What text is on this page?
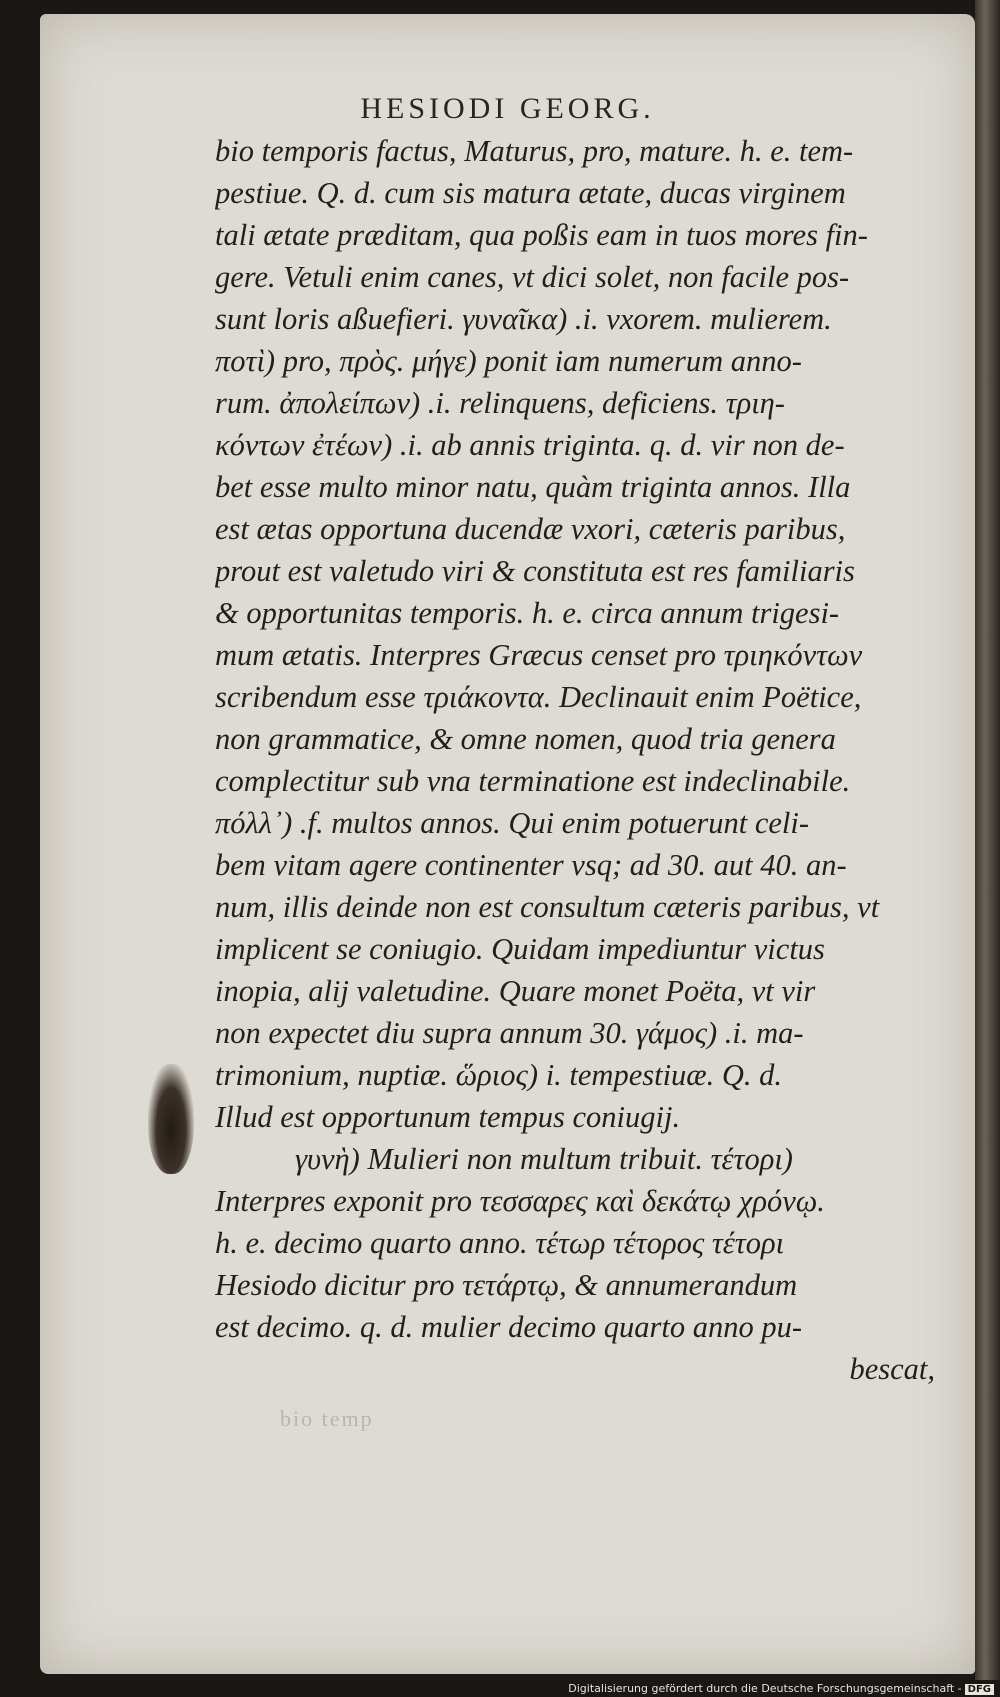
HESIODI GEORG.
bio temp
bio temporis factus, Maturus, pro, mature. h. e. tem-
pestiue. Q. d. cum sis matura ætate, ducas virginem
tali ætate præditam, qua poßis eam in tuos mores fin-
gere. Vetuli enim canes, vt dici solet, non facile pos-
sunt loris aßuefieri. γυναῖκα) .i. vxorem. mulierem.
ποτὶ) pro, πρὸς. μήγε) ponit iam numerum anno-
rum. ἀπολείπων) .i. relinquens, deficiens. τριη-
κόντων ἐτέων) .i. ab annis triginta. q. d. vir non de-
bet esse multo minor natu, quàm triginta annos. Illa
est ætas opportuna ducendæ vxori, cæteris paribus,
prout est valetudo viri & constituta est res familiaris
& opportunitas temporis. h. e. circa annum trigesi-
mum ætatis. Interpres Græcus censet pro τριηκόντων
scribendum esse τριάκοντα. Declinauit enim Poëtice,
non grammatice, & omne nomen, quod tria genera
complectitur sub vna terminatione est indeclinabile.
πόλλ᾽) .f. multos annos. Qui enim potuerunt celi-
bem vitam agere continenter vsq; ad 30. aut 40. an-
num, illis deinde non est consultum cæteris paribus, vt
implicent se coniugio. Quidam impediuntur victus
inopia, alij valetudine. Quare monet Poëta, vt vir
non expectet diu supra annum 30. γάμος) .i. ma-
trimonium, nuptiæ. ὥριος) i. tempestiuæ. Q. d.
Illud est opportunum tempus coniugij.
γυνὴ) Mulieri non multum tribuit. τέτορι)
Interpres exponit pro τεσσαρες καὶ δεκάτῳ χρόνῳ.
h. e. decimo quarto anno. τέτωρ τέτορος τέτορι
Hesiodo dicitur pro τετάρτῳ, & annumerandum
est decimo. q. d. mulier decimo quarto anno pu-
bescat,
Digitalisierung gefördert durch die Deutsche Forschungsgemeinschaft - DFG
